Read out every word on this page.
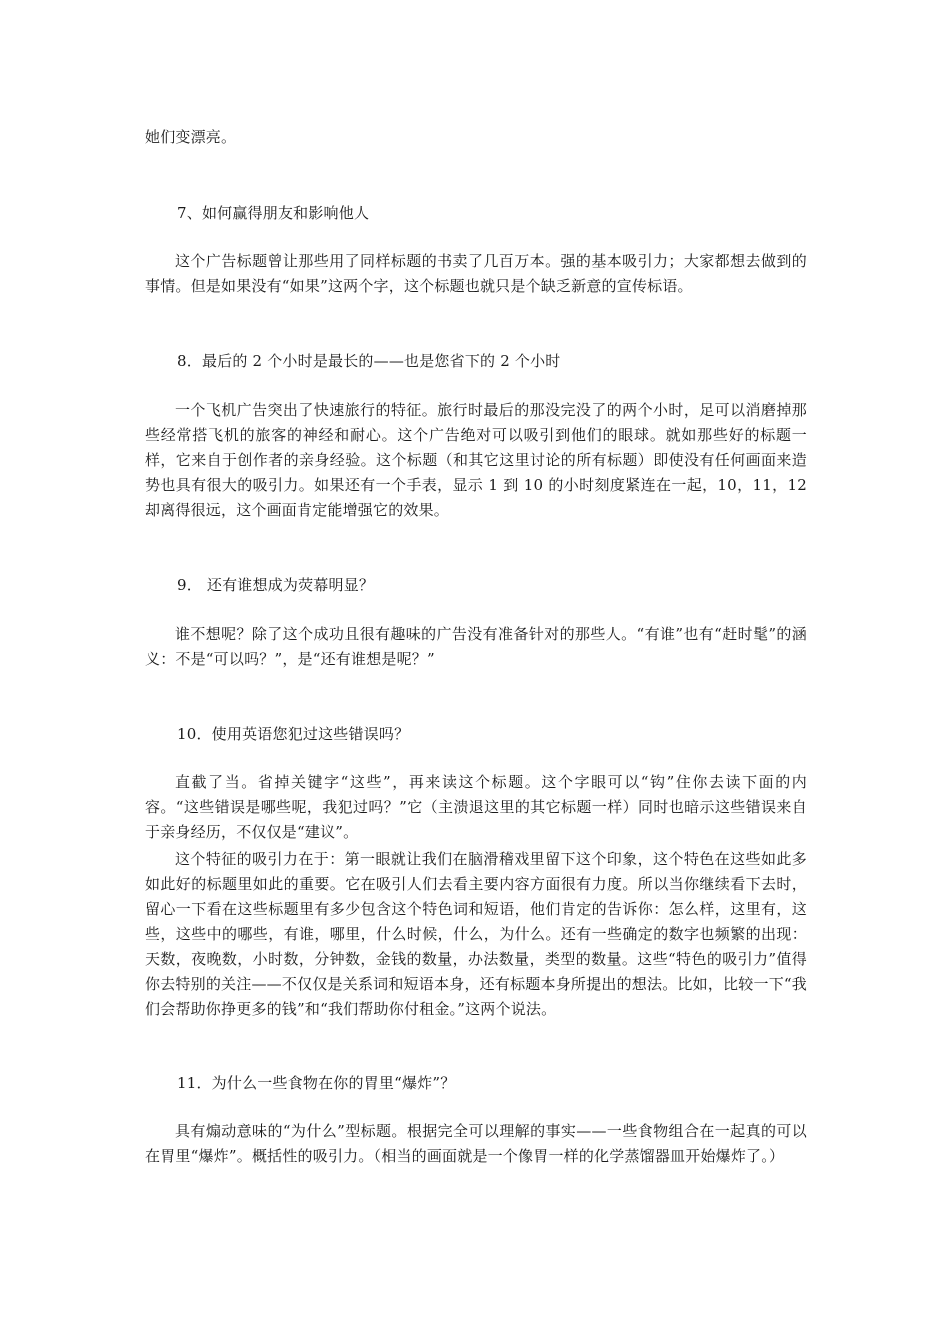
她们变漂亮。

7、如何赢得朋友和影响他人

这个广告标题曾让那些用了同样标题的书卖了几百万本。强的基本吸引力；大家都想去做到的事情。但是如果没有“如果”这两个字，这个标题也就只是个缺乏新意的宣传标语。

8．最后的 2 个小时是最长的——也是您省下的 2 个小时

一个飞机广告突出了快速旅行的特征。旅行时最后的那没完没了的两个小时，足可以消磨掉那些经常搭飞机的旅客的神经和耐心。这个广告绝对可以吸引到他们的眼球。就如那些好的标题一样，它来自于创作者的亲身经验。这个标题（和其它这里讨论的所有标题）即使没有任何画面来造势也具有很大的吸引力。如果还有一个手表，显示 1 到 10 的小时刻度紧连在一起，10，11，12 却离得很远，这个画面肯定能增强它的效果。

9． 还有谁想成为荧幕明显？

谁不想呢？除了这个成功且很有趣味的广告没有准备针对的那些人。“有谁”也有“赶时髦”的涵义：不是“可以吗？”，是“还有谁想是呢？”

10．使用英语您犯过这些错误吗？

直截了当。省掉关键字“这些”，再来读这个标题。这个字眼可以“钩”住你去读下面的内容。“这些错误是哪些呢，我犯过吗？”它（主溃退这里的其它标题一样）同时也暗示这些错误来自于亲身经历，不仅仅是“建议”。

这个特征的吸引力在于：第一眼就让我们在脑滑稽戏里留下这个印象，这个特色在这些如此多如此好的标题里如此的重要。它在吸引人们去看主要内容方面很有力度。所以当你继续看下去时，留心一下看在这些标题里有多少包含这个特色词和短语，他们肯定的告诉你：怎么样，这里有，这些，这些中的哪些，有谁，哪里，什么时候，什么，为什么。还有一些确定的数字也频繁的出现：天数，夜晚数，小时数，分钟数，金钱的数量，办法数量，类型的数量。这些“特色的吸引力”值得你去特别的关注——不仅仅是关系词和短语本身，还有标题本身所提出的想法。比如，比较一下“我们会帮助你挣更多的钱”和“我们帮助你付租金。”这两个说法。

11．为什么一些食物在你的胃里“爆炸”？

具有煽动意味的“为什么”型标题。根据完全可以理解的事实——一些食物组合在一起真的可以在胃里“爆炸”。概括性的吸引力。（相当的画面就是一个像胃一样的化学蒸馏器皿开始爆炸了。）
